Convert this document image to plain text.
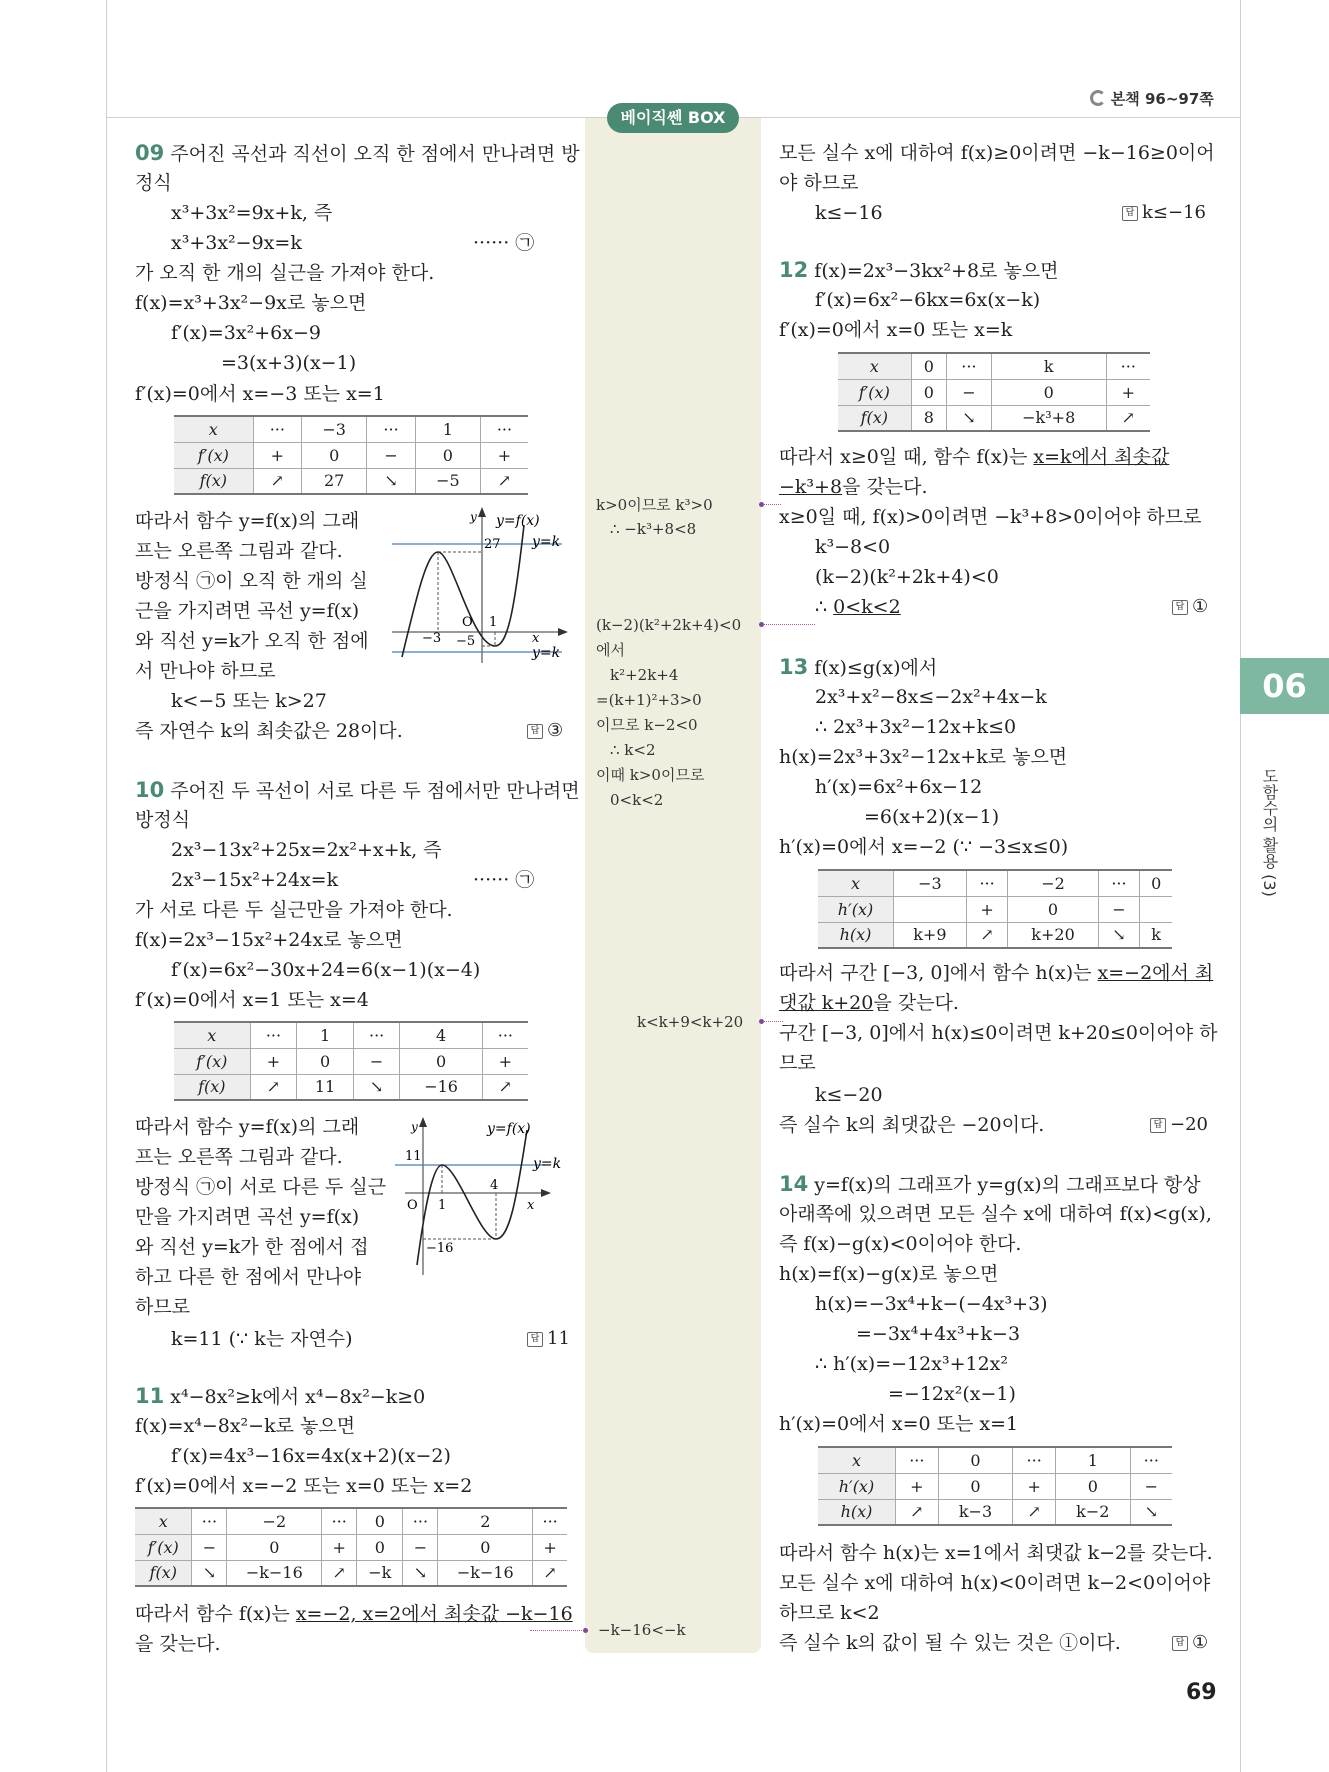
본책 96~97쪽
베이직쎈 BOX
06
도함수의 활용 (3)
69
09 주어진 곡선과 직선이 오직 한 점에서 만나려면 방
정식
x³+3x²=9x+k, 즉
x³+3x²−9x=k	······ ㉠
가 오직 한 개의 실근을 가져야 한다.
f(x)=x³+3x²−9x로 놓으면
f′(x)=3x²+6x−9
=3(x+3)(x−1)
f′(x)=0에서 x=−3 또는 x=1
x	···	−3	···	1	···
f′(x)	+	0	−	0	+
f(x)	↗	27	↘	−5	↗
따라서 함수 y=f(x)의 그래
프는 오른쪽 그림과 같다.
방정식 ㉠이 오직 한 개의 실
근을 가지려면 곡선 y=f(x)
와 직선 y=k가 오직 한 점에
서 만나야 하므로
k<−5 또는 k>27
즉 자연수 k의 최솟값은 28이다.	답 ③
y y=f(x)
y=k
y=k
27
O 1
−3 −5	x
10 주어진 두 곡선이 서로 다른 두 점에서만 만나려면
방정식
2x³−13x²+25x=2x²+x+k, 즉
2x³−15x²+24x=k	······ ㉠
가 서로 다른 두 실근만을 가져야 한다.
f(x)=2x³−15x²+24x로 놓으면
f′(x)=6x²−30x+24=6(x−1)(x−4)
f′(x)=0에서 x=1 또는 x=4
x	···	1	···	4	···
f′(x)	+	0	−	0	+
f(x)	↗	11	↘	−16	↗
따라서 함수 y=f(x)의 그래
프는 오른쪽 그림과 같다.
방정식 ㉠이 서로 다른 두 실근
만을 가지려면 곡선 y=f(x)
와 직선 y=k가 한 점에서 접
하고 다른 한 점에서 만나야
하므로
k=11 (∵ k는 자연수)	답 11
y	y=f(x)
y=k
11
O 1
4
−16
x
11 x⁴−8x²≥k에서 x⁴−8x²−k≥0
f(x)=x⁴−8x²−k로 놓으면
f′(x)=4x³−16x=4x(x+2)(x−2)
f′(x)=0에서 x=−2 또는 x=0 또는 x=2
x	···	−2	···	0	···	2	···
f′(x)	−	0	+	0	−	0	+
f(x)	↘	−k−16	↗	−k	↘	−k−16	↗
따라서 함수 f(x)는 x=−2, x=2에서 최솟값 −k−16
을 갖는다.
모든 실수 x에 대하여 f(x)≥0이려면 −k−16≥0이어
야 하므로
k≤−16	답 k≤−16
12 f(x)=2x³−3kx²+8로 놓으면
f′(x)=6x²−6kx=6x(x−k)
f′(x)=0에서 x=0 또는 x=k
x	0	···	k	···
f′(x)	0	−	0	+
f(x)	8	↘	−k³+8	↗
따라서 x≥0일 때, 함수 f(x)는 x=k에서 최솟값
−k³+8을 갖는다.
x≥0일 때, f(x)>0이려면 −k³+8>0이어야 하므로
k³−8<0
(k−2)(k²+2k+4)<0
∴ 0<k<2	답 ①
13 f(x)≤g(x)에서
2x³+x²−8x≤−2x²+4x−k
∴ 2x³+3x²−12x+k≤0
h(x)=2x³+3x²−12x+k로 놓으면
h′(x)=6x²+6x−12
=6(x+2)(x−1)
h′(x)=0에서 x=−2 (∵ −3≤x≤0)
x	−3	···	−2	···	0
h′(x)		+	0	−	
h(x)	k+9	↗	k+20	↘	k
따라서 구간 [−3, 0]에서 함수 h(x)는 x=−2에서 최
댓값 k+20을 갖는다.
구간 [−3, 0]에서 h(x)≤0이려면 k+20≤0이어야 하
므로
k≤−20
즉 실수 k의 최댓값은 −20이다.	답 −20
14 y=f(x)의 그래프가 y=g(x)의 그래프보다 항상
아래쪽에 있으려면 모든 실수 x에 대하여 f(x)<g(x),
즉 f(x)−g(x)<0이어야 한다.
h(x)=f(x)−g(x)로 놓으면
h(x)=−3x⁴+k−(−4x³+3)
=−3x⁴+4x³+k−3
∴ h′(x)=−12x³+12x²
=−12x²(x−1)
h′(x)=0에서 x=0 또는 x=1
x	···	0	···	1	···
h′(x)	+	0	+	0	−
h(x)	↗	k−3	↗	k−2	↘
따라서 함수 h(x)는 x=1에서 최댓값 k−2를 갖는다.
모든 실수 x에 대하여 h(x)<0이려면 k−2<0이어야
하므로 k<2
즉 실수 k의 값이 될 수 있는 것은 ①이다.	답 ①
k>0이므로 k³>0
∴ −k³+8<8
(k−2)(k²+2k+4)<0
에서
k²+2k+4
=(k+1)²+3>0
이므로 k−2<0
∴ k<2
이때 k>0이므로
0<k<2
k<k+9<k+20
−k−16<−k
